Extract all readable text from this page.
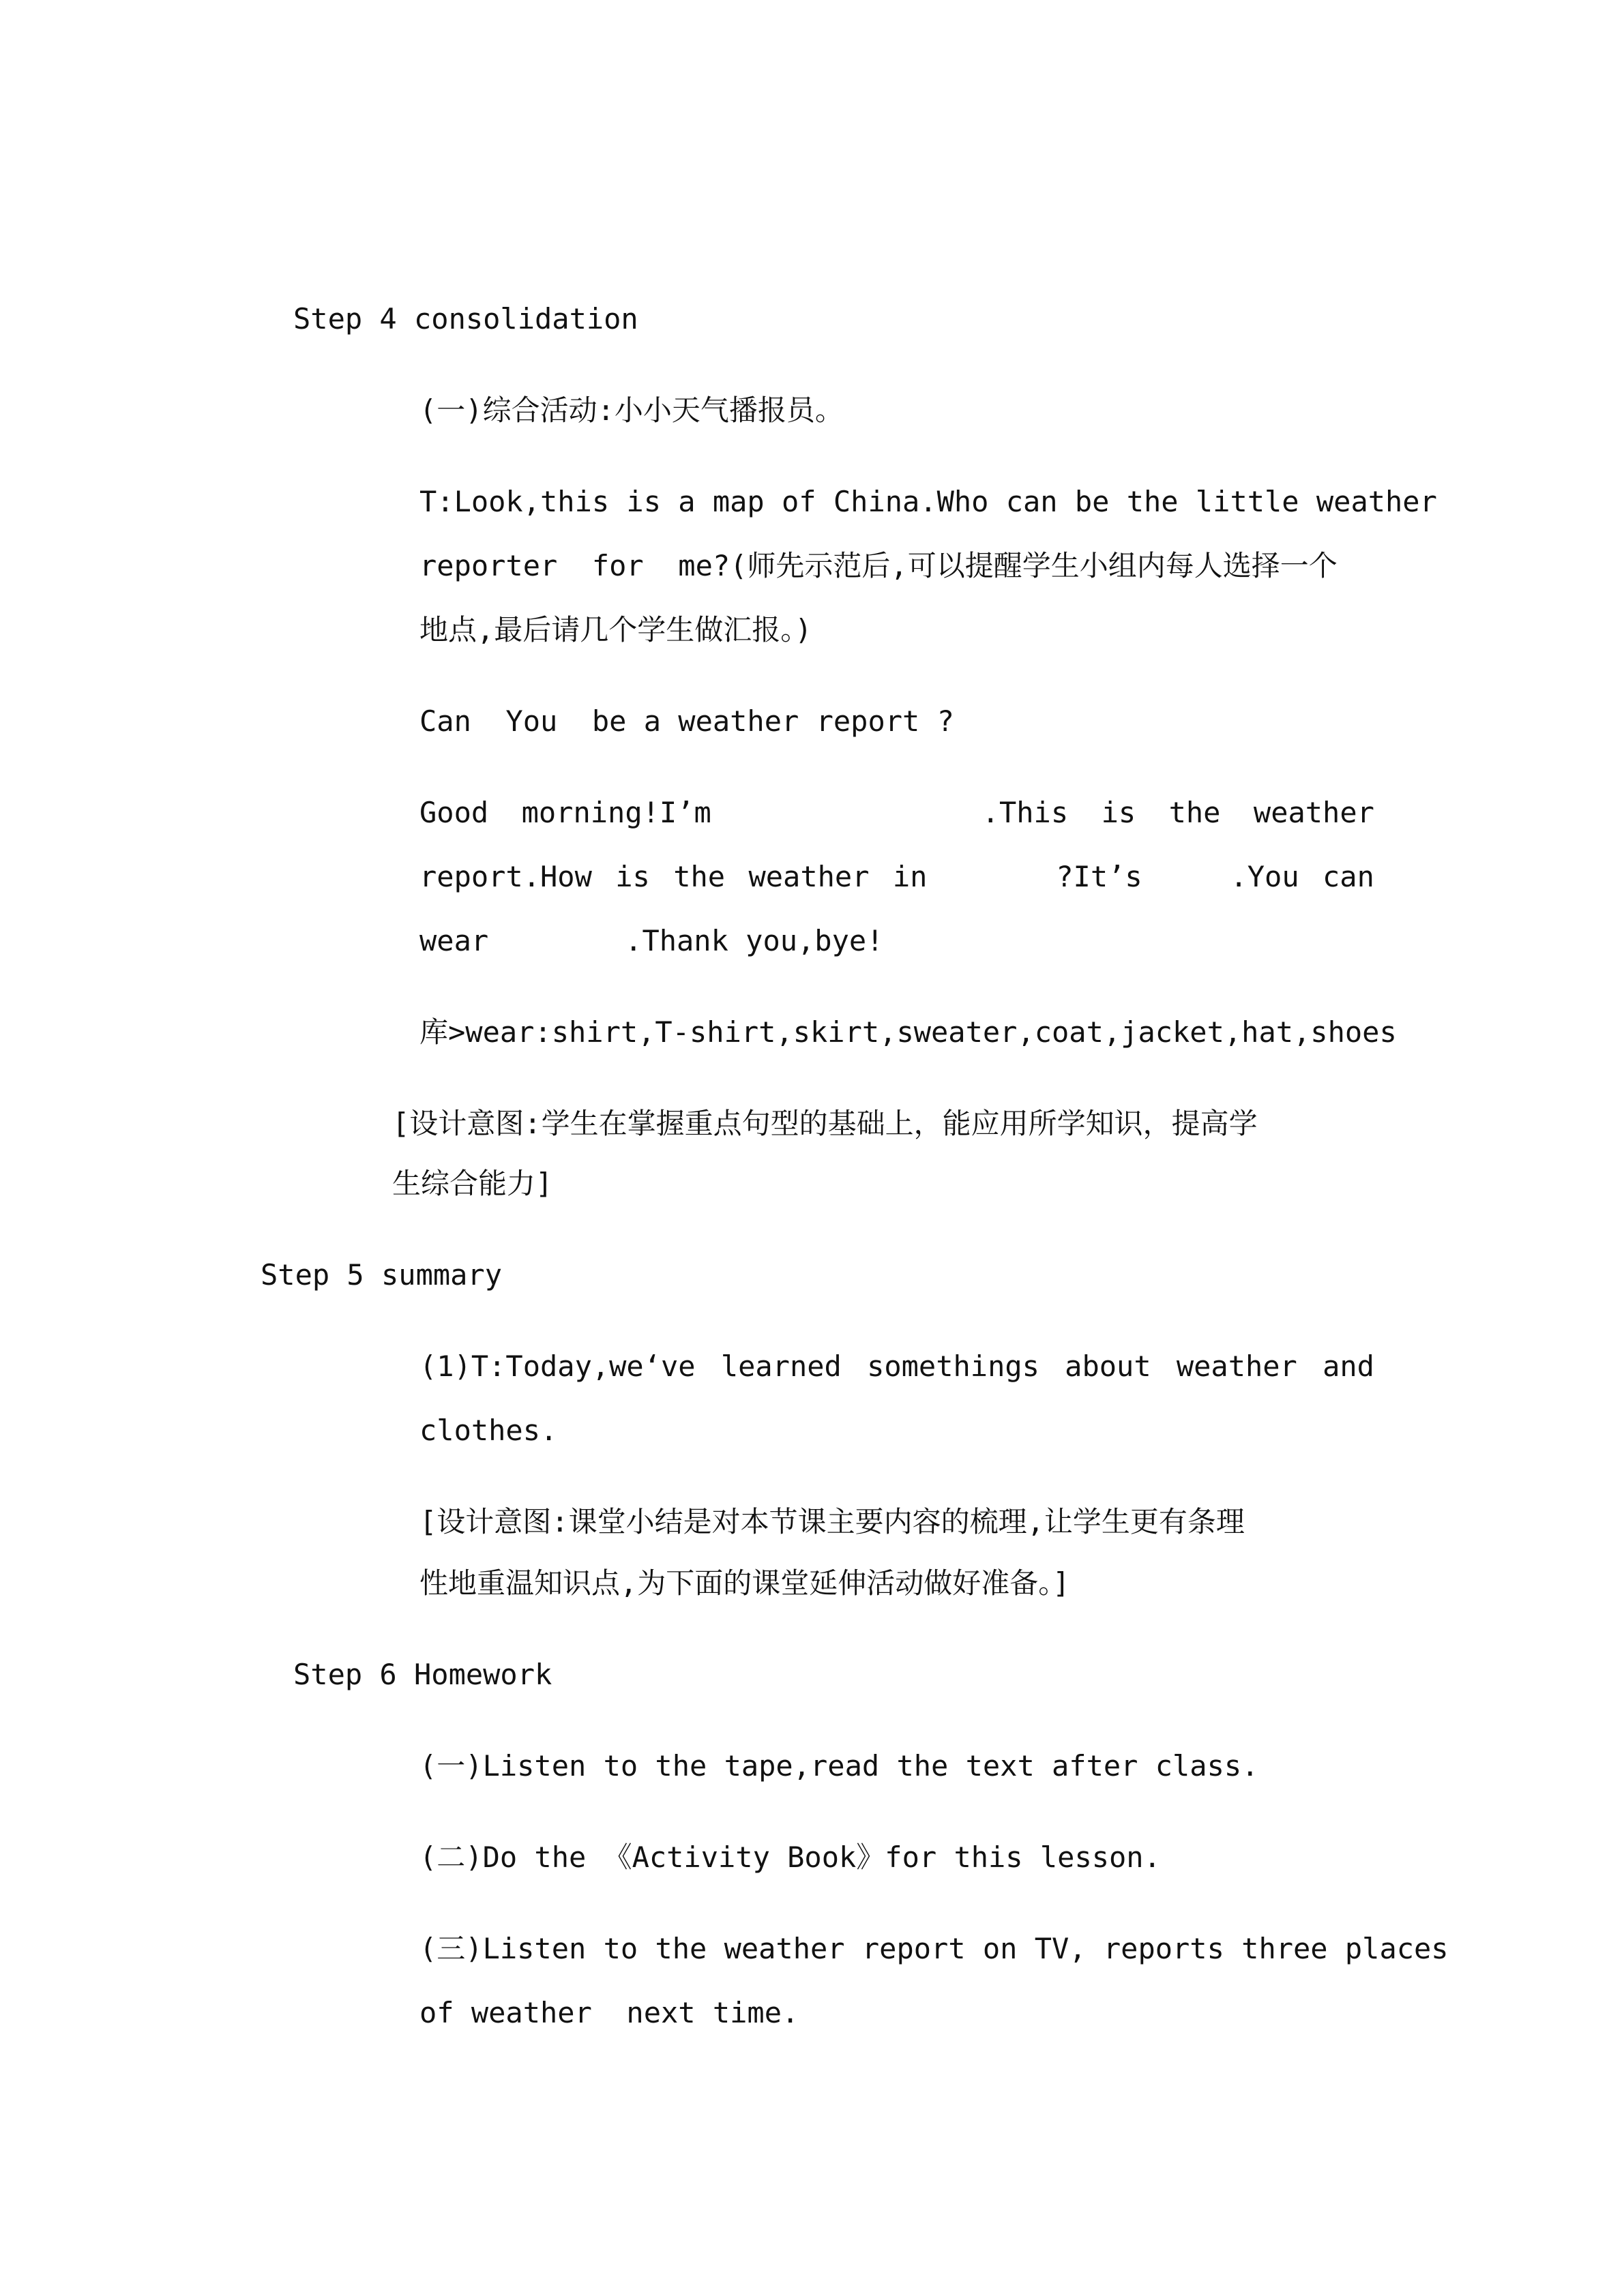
Step 4 consolidation
(一)综合活动:小小天气播报员。
T:Look,this is a map of China.Who can be the little weather
reporter  for  me?(师先示范后,可以提醒学生小组内每人选择一个
地点,最后请几个学生做汇报。)
Can  You  be a weather report ?
Good morning!I’m	.This is the weather
report.How is the weather in	?It’s	.You can
wear	.Thank you,bye!
库>wear:shirt,T-shirt,skirt,sweater,coat,jacket,hat,shoes
[设计意图:学生在掌握重点句型的基础上，能应用所学知识，提高学
生综合能力]
Step 5 summary
(1)T:Today,we‘ve learned somethings about weather and
clothes.
[设计意图:课堂小结是对本节课主要内容的梳理,让学生更有条理
性地重温知识点,为下面的课堂延伸活动做好准备。]
Step 6 Homework
(一)Listen to the tape,read the text after class.
(二)Do the 《Activity Book》for this lesson.
(三)Listen to the weather report on TV, reports three places
of weather  next time.
